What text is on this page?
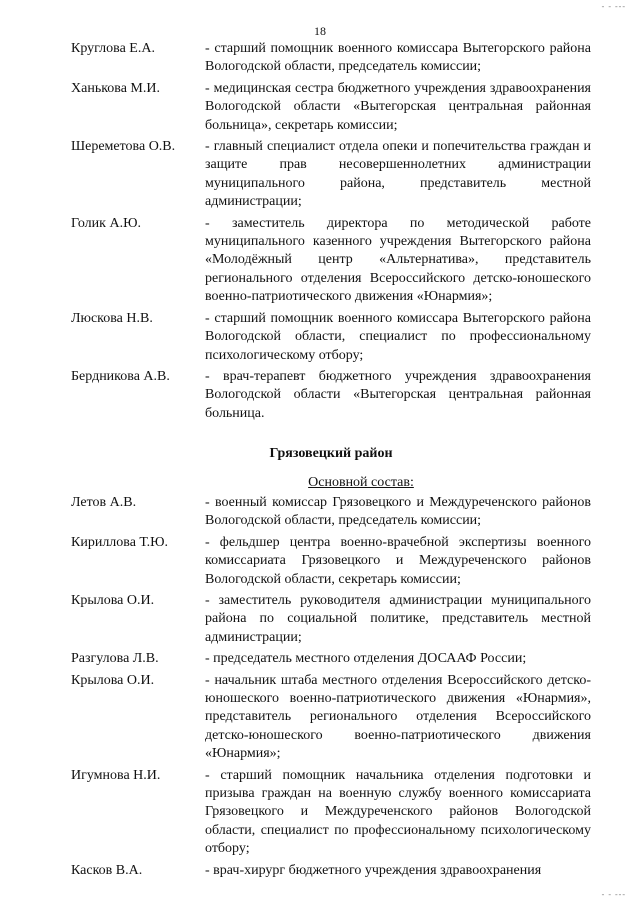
- - ---
18
Круглова Е.А.	- старший помощник военного комиссара Вытегорского района Вологодской области, председатель комиссии;
Ханькова М.И.	- медицинская сестра бюджетного учреждения здравоохранения Вологодской области «Вытегорская центральная районная больница», секретарь комиссии;
Шереметова О.В.	- главный специалист отдела опеки и попечительства граждан и защите прав несовершеннолетних администрации муниципального района, представитель местной администрации;
Голик А.Ю.	- заместитель директора по методической работе муниципального казенного учреждения Вытегорского района «Молодёжный центр «Альтернатива», представитель регионального отделения Всероссийского детско-юношеского военно-патриотического движения «Юнармия»;
Люскова Н.В.	- старший помощник военного комиссара Вытегорского района Вологодской области, специалист по профессиональному психологическому отбору;
Бердникова А.В.	- врач-терапевт бюджетного учреждения здравоохранения Вологодской области «Вытегорская центральная районная больница.
Грязовецкий район
Основной состав:
Летов А.В.	- военный комиссар Грязовецкого и Междуреченского районов Вологодской области, председатель комиссии;
Кириллова Т.Ю.	- фельдшер центра военно-врачебной экспертизы военного комиссариата Грязовецкого и Междуреченского районов Вологодской области, секретарь комиссии;
Крылова О.И.	- заместитель руководителя администрации муниципального района по социальной политике, представитель местной администрации;
Разгулова Л.В.	- председатель местного отделения ДОСААФ России;
Крылова О.И.	- начальник штаба местного отделения Всероссийского детско-юношеского военно-патриотического движения «Юнармия», представитель регионального отделения Всероссийского детско-юношеского военно-патриотического движения «Юнармия»;
Игумнова Н.И.	- старший помощник начальника отделения подготовки и призыва граждан на военную службу военного комиссариата Грязовецкого и Междуреченского районов Вологодской области, специалист по профессиональному психологическому отбору;
Касков В.А.	- врач-хирург бюджетного учреждения здравоохранения
- - ---
